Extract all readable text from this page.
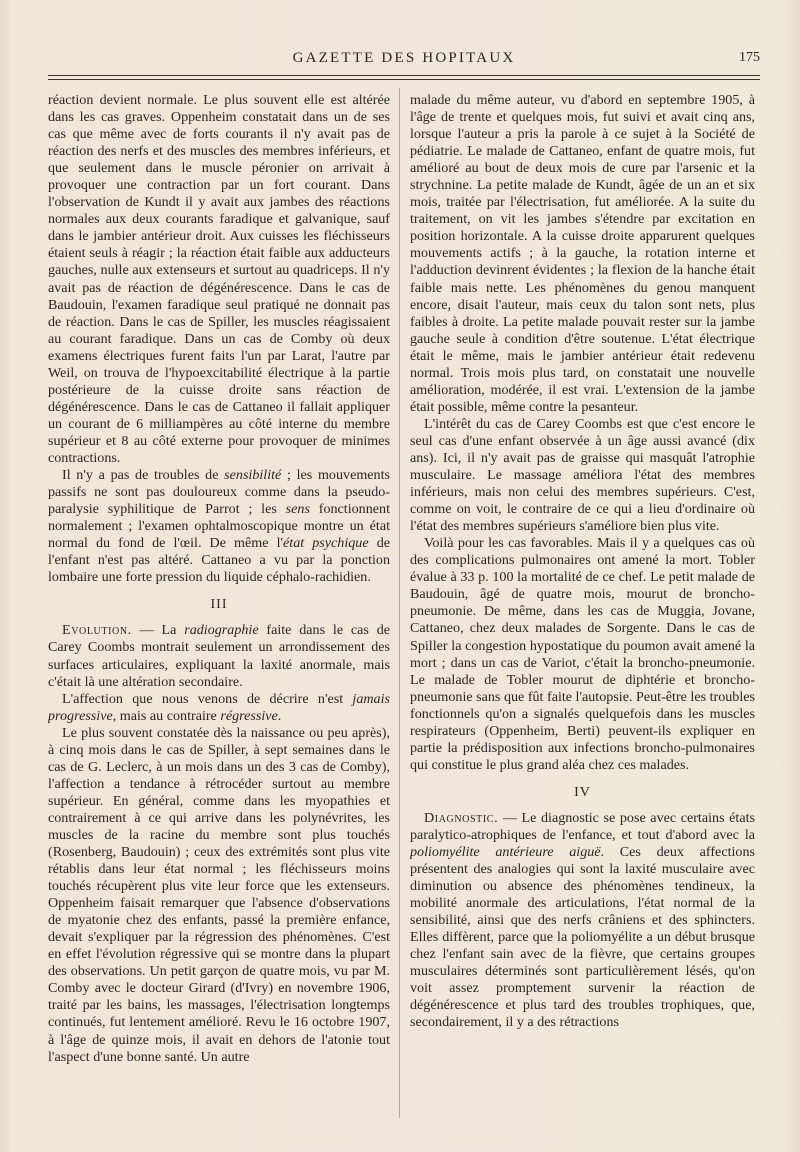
GAZETTE DES HOPITAUX	175

réaction devient normale. Le plus souvent elle est altérée dans les cas graves. Oppenheim constatait dans un de ses cas que même avec de forts courants il n'y avait pas de réaction des nerfs et des muscles des membres inférieurs, et que seulement dans le muscle péronier on arrivait à provoquer une contraction par un fort courant. Dans l'observation de Kundt il y avait aux jambes des réactions normales aux deux courants faradique et galvanique, sauf dans le jambier antérieur droit. Aux cuisses les fléchisseurs étaient seuls à réagir ; la réaction était faible aux adducteurs gauches, nulle aux extenseurs et surtout au quadriceps. Il n'y avait pas de réaction de dégénérescence. Dans le cas de Baudouin, l'examen faradique seul pratiqué ne donnait pas de réaction. Dans le cas de Spiller, les muscles réagissaient au courant faradique. Dans un cas de Comby où deux examens électriques furent faits l'un par Larat, l'autre par Weil, on trouva de l'hypoexcitabilité électrique à la partie postérieure de la cuisse droite sans réaction de dégénérescence. Dans le cas de Cattaneo il fallait appliquer un courant de 6 milliampères au côté interne du membre supérieur et 8 au côté externe pour provoquer de minimes contractions.

Il n'y a pas de troubles de sensibilité ; les mouvements passifs ne sont pas douloureux comme dans la pseudo-paralysie syphilitique de Parrot ; les sens fonctionnent normalement ; l'examen ophtalmoscopique montre un état normal du fond de l'œil. De même l'état psychique de l'enfant n'est pas altéré. Cattaneo a vu par la ponction lombaire une forte pression du liquide céphalo-rachidien.

III

Evolution. — La radiographie faite dans le cas de Carey Coombs montrait seulement un arrondissement des surfaces articulaires, expliquant la laxité anormale, mais c'était là une altération secondaire.

L'affection que nous venons de décrire n'est jamais progressive, mais au contraire régressive.

Le plus souvent constatée dès la naissance ou peu après), à cinq mois dans le cas de Spiller, à sept semaines dans le cas de G. Leclerc, à un mois dans un des 3 cas de Comby), l'affection a tendance à rétrocéder surtout au membre supérieur. En général, comme dans les myopathies et contrairement à ce qui arrive dans les polynévrites, les muscles de la racine du membre sont plus touchés (Rosenberg, Baudouin) ; ceux des extrémités sont plus vite rétablis dans leur état normal ; les fléchisseurs moins touchés récupèrent plus vite leur force que les extenseurs. Oppenheim faisait remarquer que l'absence d'observations de myatonie chez des enfants, passé la première enfance, devait s'expliquer par la régression des phénomènes. C'est en effet l'évolution régressive qui se montre dans la plupart des observations. Un petit garçon de quatre mois, vu par M. Comby avec le docteur Girard (d'Ivry) en novembre 1906, traité par les bains, les massages, l'électrisation longtemps continués, fut lentement amélioré. Revu le 16 octobre 1907, à l'âge de quinze mois, il avait en dehors de l'atonie tout l'aspect d'une bonne santé. Un autre

malade du même auteur, vu d'abord en septembre 1905, à l'âge de trente et quelques mois, fut suivi et avait cinq ans, lorsque l'auteur a pris la parole à ce sujet à la Société de pédiatrie. Le malade de Cattaneo, enfant de quatre mois, fut amélioré au bout de deux mois de cure par l'arsenic et la strychnine. La petite malade de Kundt, âgée de un an et six mois, traitée par l'électrisation, fut améliorée. A la suite du traitement, on vit les jambes s'étendre par excitation en position horizontale. A la cuisse droite apparurent quelques mouvements actifs ; à la gauche, la rotation interne et l'adduction devinrent évidentes ; la flexion de la hanche était faible mais nette. Les phénomènes du genou manquent encore, disait l'auteur, mais ceux du talon sont nets, plus faibles à droite. La petite malade pouvait rester sur la jambe gauche seule à condition d'être soutenue. L'état électrique était le même, mais le jambier antérieur était redevenu normal. Trois mois plus tard, on constatait une nouvelle amélioration, modérée, il est vrai. L'extension de la jambe était possible, même contre la pesanteur.

L'intérêt du cas de Carey Coombs est que c'est encore le seul cas d'une enfant observée à un âge aussi avancé (dix ans). Ici, il n'y avait pas de graisse qui masquât l'atrophie musculaire. Le massage améliora l'état des membres inférieurs, mais non celui des membres supérieurs. C'est, comme on voit, le contraire de ce qui a lieu d'ordinaire où l'état des membres supérieurs s'améliore bien plus vite.

Voilà pour les cas favorables. Mais il y a quelques cas où des complications pulmonaires ont amené la mort. Tobler évalue à 33 p. 100 la mortalité de ce chef. Le petit malade de Baudouin, âgé de quatre mois, mourut de broncho-pneumonie. De même, dans les cas de Muggia, Jovane, Cattaneo, chez deux malades de Sorgente. Dans le cas de Spiller la congestion hypostatique du poumon avait amené la mort ; dans un cas de Variot, c'était la broncho-pneumonie. Le malade de Tobler mourut de diphtérie et broncho-pneumonie sans que fût faite l'autopsie. Peut-être les troubles fonctionnels qu'on a signalés quelquefois dans les muscles respirateurs (Oppenheim, Berti) peuvent-ils expliquer en partie la prédisposition aux infections broncho-pulmonaires qui constitue le plus grand aléa chez ces malades.

IV

Diagnostic. — Le diagnostic se pose avec certains états paralytico-atrophiques de l'enfance, et tout d'abord avec la poliomyélite antérieure aiguë. Ces deux affections présentent des analogies qui sont la laxité musculaire avec diminution ou absence des phénomènes tendineux, la mobilité anormale des articulations, l'état normal de la sensibilité, ainsi que des nerfs crâniens et des sphincters. Elles diffèrent, parce que la poliomyélite a un début brusque chez l'enfant sain avec de la fièvre, que certains groupes musculaires déterminés sont particulièrement lésés, qu'on voit assez promptement survenir la réaction de dégénérescence et plus tard des troubles trophiques, que, secondairement, il y a des rétractions
